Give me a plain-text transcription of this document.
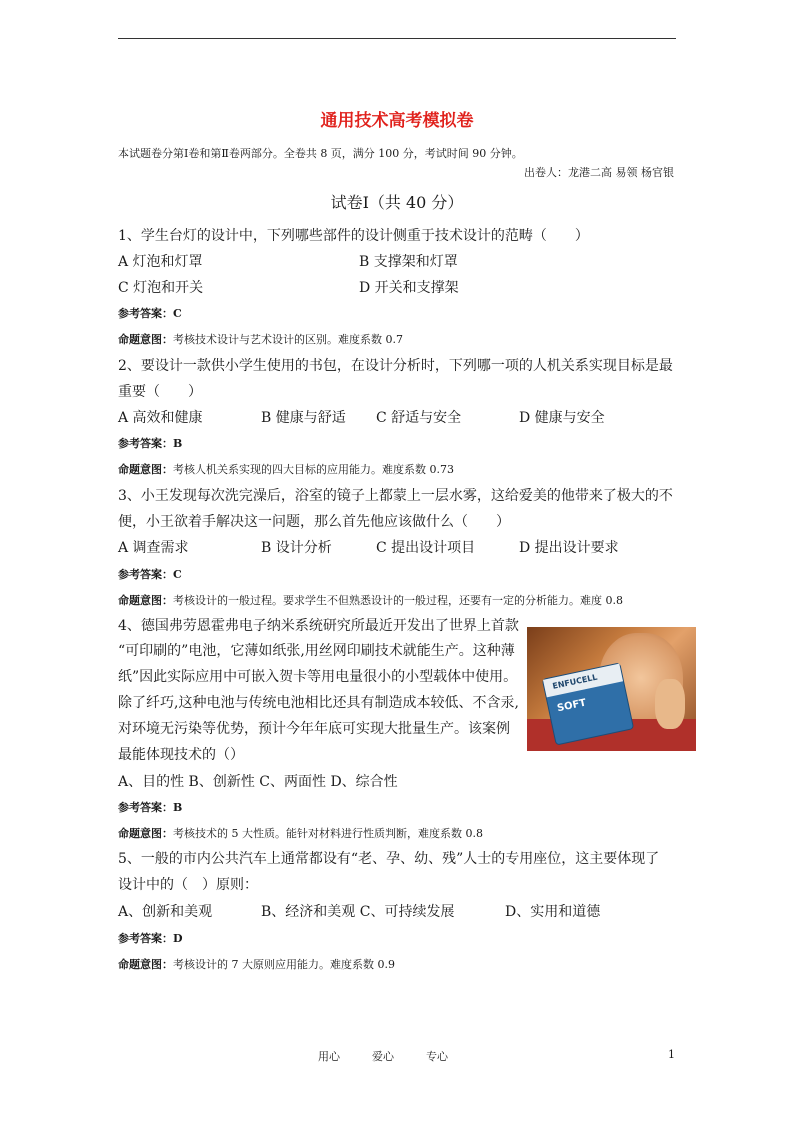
通用技术高考模拟卷
本试题卷分第Ⅰ卷和第Ⅱ卷两部分。全卷共 8 页，满分 100 分，考试时间 90 分钟。
出卷人：龙港二高 易领 杨官银
试卷Ⅰ（共 40 分）
1、学生台灯的设计中，下列哪些部件的设计侧重于技术设计的范畴（　　）
A 灯泡和灯罩	B 支撑架和灯罩
C 灯泡和开关	D 开关和支撑架
参考答案：C
命题意图：考核技术设计与艺术设计的区别。难度系数 0.7
2、要设计一款供小学生使用的书包，在设计分析时，下列哪一项的人机关系实现目标是最
重要（　　）
A 高效和健康	B 健康与舒适 C 舒适与安全	D 健康与安全
参考答案：B
命题意图：考核人机关系实现的四大目标的应用能力。难度系数 0.73
3、小王发现每次洗完澡后，浴室的镜子上都蒙上一层水雾，这给爱美的他带来了极大的不
便，小王欲着手解决这一问题，那么首先他应该做什么（　　）
A 调查需求	B 设计分析	C 提出设计项目	D 提出设计要求
参考答案：C
命题意图：考核设计的一般过程。要求学生不但熟悉设计的一般过程，还要有一定的分析能力。难度 0.8
4、德国弗劳恩霍弗电子纳米系统研究所最近开发出了世界上首款
“可印刷的”电池，它薄如纸张,用丝网印刷技术就能生产。这种薄
纸”因此实际应用中可嵌入贺卡等用电量很小的小型载体中使用。
除了纤巧,这种电池与传统电池相比还具有制造成本较低、不含汞,
对环境无污染等优势，预计今年年底可实现大批量生产。该案例
最能体现技术的（）
A、目的性 B、创新性 C、两面性 D、综合性
参考答案：B
命题意图：考核技术的 5 大性质。能针对材料进行性质判断，难度系数 0.8
ENFUCELL
SOFT
5、一般的市内公共汽车上通常都设有“老、孕、幼、残”人士的专用座位，这主要体现了
设计中的（　）原则：
A、创新和美观	B、经济和美观 C、可持续发展	D、实用和道德
参考答案：D
命题意图：考核设计的 7 大原则应用能力。难度系数 0.9
用心	爱心	专心	1
